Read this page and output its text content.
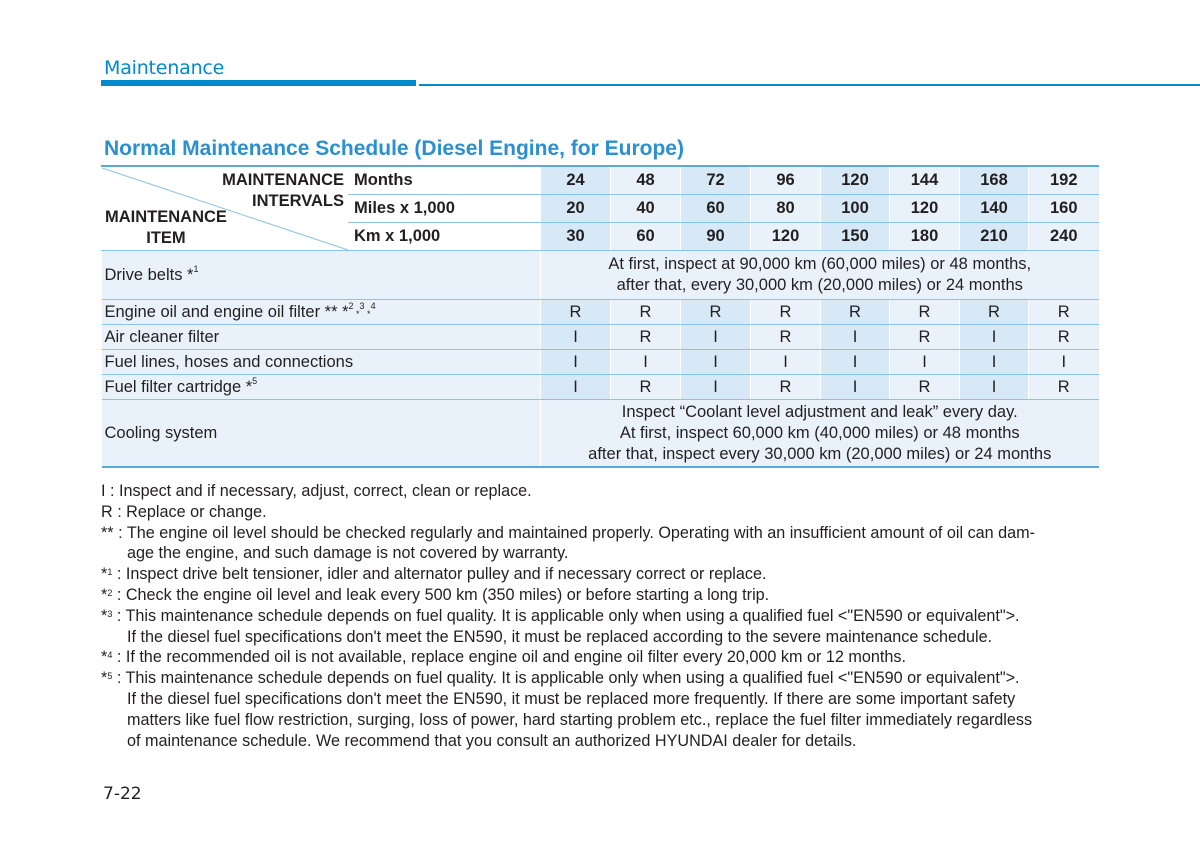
Maintenance
Normal Maintenance Schedule (Diesel Engine, for Europe)
MAINTENANCE
INTERVALS
MAINTENANCE
ITEM	Months	24	48	72	96	120	144	168	192
	Miles x 1,000	20	40	60	80	100	120	140	160
	Km x 1,000	30	60	90	120	150	180	210	240
Drive belts *$^1$		At first, inspect at 90,000 km (60,000 miles) or 48 months,
after that, every 30,000 km (20,000 miles) or 24 months							

Engine oil and engine oil filter ** *$^2$ *$^3$ *$^4$		R	R	R	R	R	R	R	R
Air cleaner filter		I	R	I	R	I	R	I	R
Fuel lines, hoses and connections		I	I	I	I	I	I	I	I
Fuel filter cartridge *$^5$		I	R	I	R	I	R	I	R
Cooling system		Inspect “Coolant level adjustment and leak” every day.
At first, inspect 60,000 km (40,000 miles) or 48 months
after that, inspect every 30,000 km (20,000 miles) or 24 months							
I : Inspect and if necessary, adjust, correct, clean or replace.
R : Replace or change.
** : The engine oil level should be checked regularly and maintained properly. Operating with an insufficient amount of oil can dam-
age the engine, and such damage is not covered by warranty.
*$^1$ : Inspect drive belt tensioner, idler and alternator pulley and if necessary correct or replace.
*$^2$ : Check the engine oil level and leak every 500 km (350 miles) or before starting a long trip.
*$^3$ : This maintenance schedule depends on fuel quality. It is applicable only when using a qualified fuel <"EN590 or equivalent">.
If the diesel fuel specifications don't meet the EN590, it must be replaced according to the severe maintenance schedule.
*$^4$ : If the recommended oil is not available, replace engine oil and engine oil filter every 20,000 km or 12 months.
*$^5$ : This maintenance schedule depends on fuel quality. It is applicable only when using a qualified fuel <"EN590 or equivalent">.
If the diesel fuel specifications don't meet the EN590, it must be replaced more frequently. If there are some important safety
matters like fuel flow restriction, surging, loss of power, hard starting problem etc., replace the fuel filter immediately regardless
of maintenance schedule. We recommend that you consult an authorized HYUNDAI dealer for details.
7-22
